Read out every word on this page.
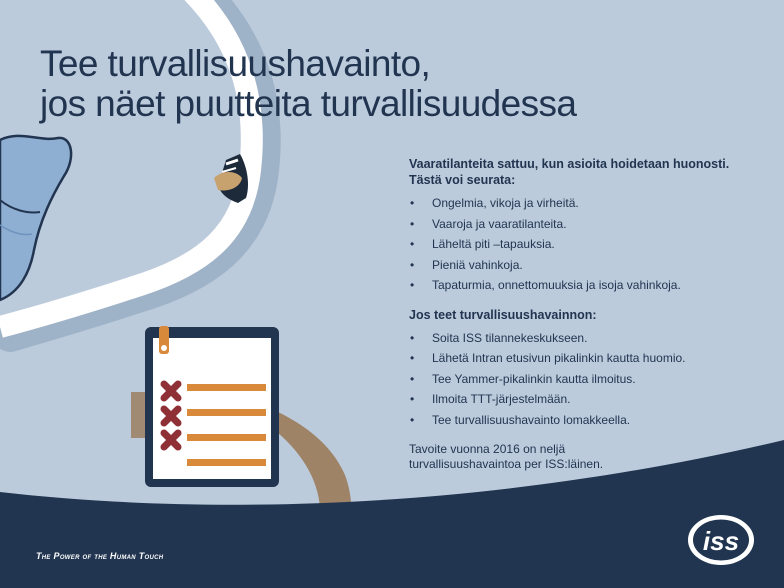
iss
Tee turvallisuushavainto,
jos näet puutteita turvallisuudessa

Vaaratilanteita sattuu, kun asioita hoidetaan huonosti. Tästä voi seurata:

• Ongelmia, vikoja ja virheitä.
• Vaaroja ja vaaratilanteita.
• Läheltä piti –tapauksia.
• Pieniä vahinkoja.
• Tapaturmia, onnettomuuksia ja isoja vahinkoja.

Jos teet turvallisuushavainnon:

• Soita ISS tilannekeskukseen.
• Lähetä Intran etusivun pikalinkin kautta huomio.
• Tee Yammer-pikalinkin kautta ilmoitus.
• Ilmoita TTT-järjestelmään.
• Tee turvallisuushavainto lomakkeella.

Tavoite vuonna 2016 on neljä
turvallisuushavaintoa per ISS:läinen.

The Power of the Human Touch
